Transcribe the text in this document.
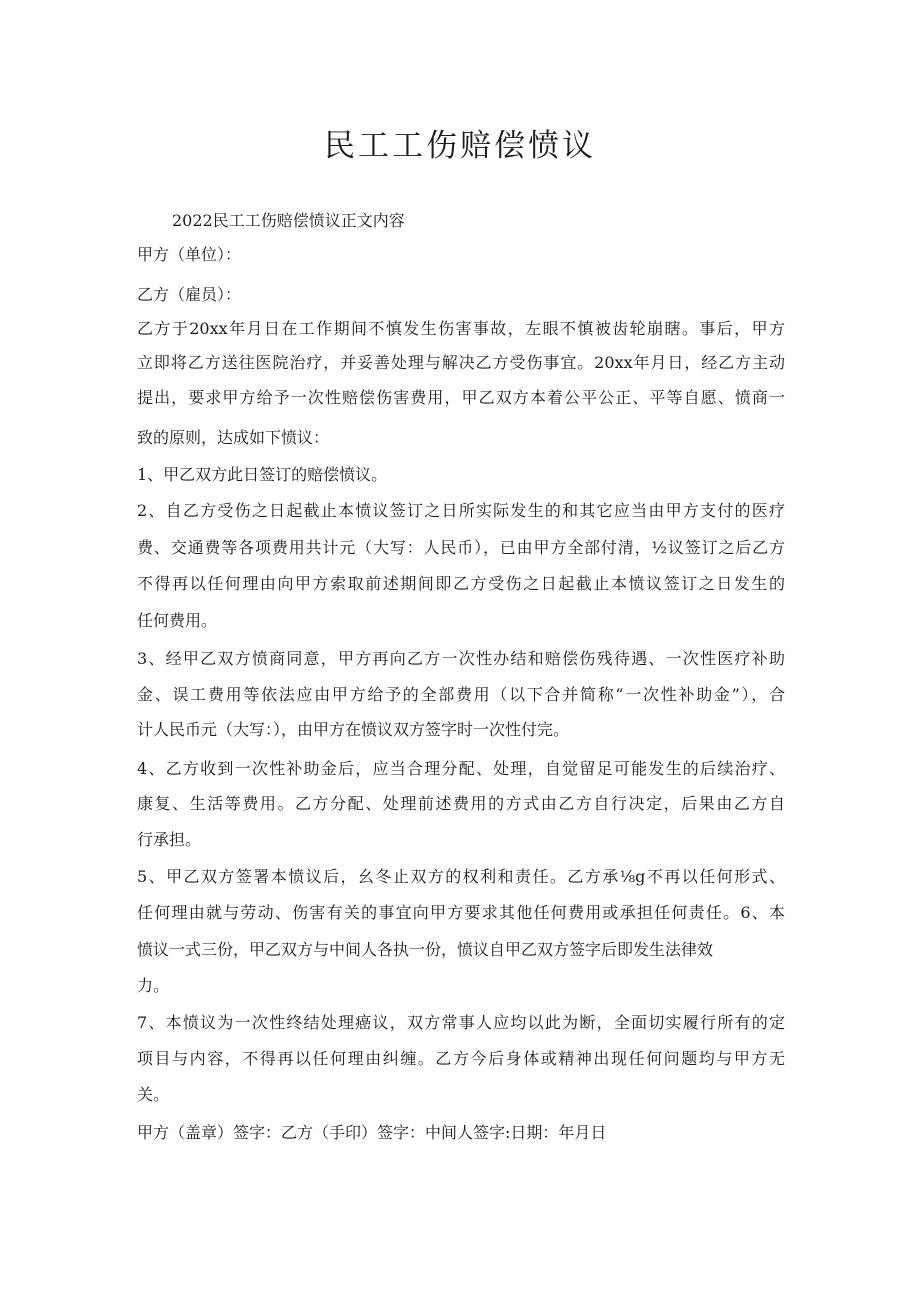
民工工伤赔偿愤议
2022民工工伤赔偿愤议正文内容
甲方（单位）：
乙方（雇员）：
乙方于20xx年月日在工作期间不慎发生伤害事故，左眼不慎被齿轮崩瞎。事后，甲方
立即将乙方送往医院治疗，并妥善处理与解决乙方受伤事宜。20xx年月日，经乙方主动
提出，要求甲方给予一次性赔偿伤害费用，甲乙双方本着公平公正、平等自愿、愤商一
致的原则，达成如下愤议：
1、甲乙双方此日签订的赔偿愤议。
2、自乙方受伤之日起截止本愤议签订之日所实际发生的和其它应当由甲方支付的医疗
费、交通费等各项费用共计元（大写：人民币），已由甲方全部付清，½议签订之后乙方
不得再以任何理由向甲方索取前述期间即乙方受伤之日起截止本愤议签订之日发生的
任何费用。
3、经甲乙双方愤商同意，甲方再向乙方一次性办结和赔偿伤残待遇、一次性医疗补助
金、误工费用等依法应由甲方给予的全部费用（以下合并简称“一次性补助金”），合
计人民币元（大写：），由甲方在愤议双方签字时一次性付完。
4、乙方收到一次性补助金后，应当合理分配、处理，自觉留足可能发生的后续治疗、
康复、生活等费用。乙方分配、处理前述费用的方式由乙方自行决定，后果由乙方自
行承担。
5、甲乙双方签署本愤议后，幺冬止双方的权利和责任。乙方承⅛g不再以任何形式、
任何理由就与劳动、伤害有关的事宜向甲方要求其他任何费用或承担任何责任。6、本
愤议一式三份，甲乙双方与中间人各执一份，愤议自甲乙双方签字后即发生法律效
力。
7、本愤议为一次性终结处理癌议，双方常事人应均以此为断，全面切实履行所有的定
项目与内容，不得再以任何理由纠缠。乙方今后身体或精神出现任何问题均与甲方无
关。
甲方（盖章）签字：乙方（手印）签字：中间人签字:日期：年月日
